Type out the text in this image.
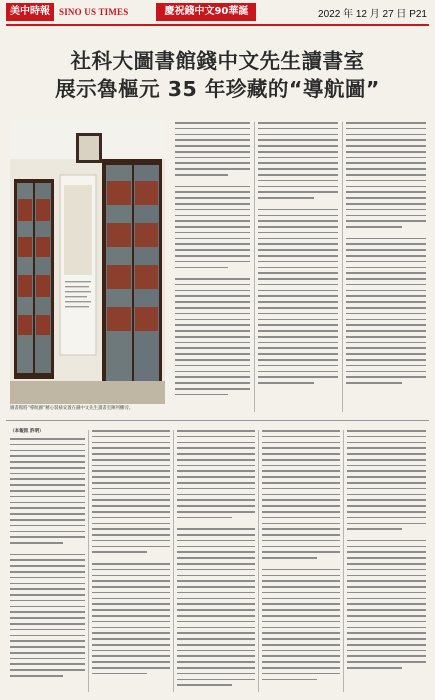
美中時報	SINO US TIMES	慶祝錢中文90華誕	2022 年 12 月 27 日 P21
社科大圖書館錢中文先生讀書室
展示魯樞元 35 年珍藏的“導航圖”
圖書館將“導航圖”精心裝裱安置在錢中文先生讀書室陳列櫃旁。
（本報訊 許明）
